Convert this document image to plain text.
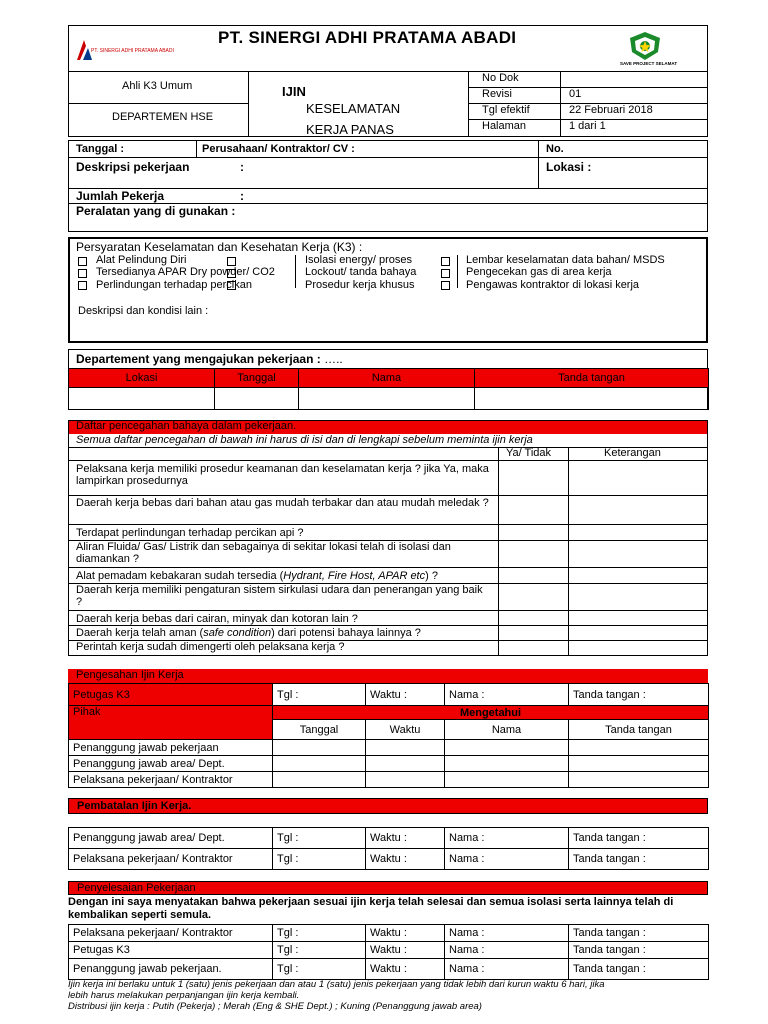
PT. SINERGI ADHI PRATAMA ABADI
PT. SINERGI ADHI PRATAMA ABADI
SAVE PROJECT SELAMAT
Ahli K3 Umum
DEPARTEMEN HSE
IJIN
KESELAMATAN
KERJA PANAS
No Dok
Revisi	01
Tgl efektif	22 Februari 2018
Halaman	1 dari 1
Tanggal :	Perusahaan/ Kontraktor/ CV :	No.
Deskripsi pekerjaan	:	Lokasi :
Jumlah Pekerja	:
Peralatan yang di gunakan :
Persyaratan Keselamatan dan Kesehatan Kerja (K3) :
Alat Pelindung Diri
Tersedianya APAR Dry powder/ CO2
Perlindungan terhadap percikan
Isolasi energy/ proses
Lockout/ tanda bahaya
Prosedur kerja khusus
Lembar keselamatan data bahan/ MSDS
Pengecekan gas di area kerja
Pengawas kontraktor di lokasi kerja
Deskripsi dan kondisi lain :
Departement yang mengajukan pekerjaan : …..
Lokasi	Tanggal	Nama	Tanda tangan

Daftar pencegahan bahaya dalam pekerjaan.
Semua daftar pencegahan di bawah ini harus di isi dan di lengkapi sebelum meminta ijin kerja
Ya/ Tidak	Keterangan
Pelaksana kerja memiliki prosedur keamanan dan keselamatan kerja ? jika Ya, maka lampirkan prosedurnya
Daerah kerja bebas dari bahan atau gas mudah terbakar dan atau mudah meledak ?
Terdapat perlindungan terhadap percikan api ?
Aliran Fluida/ Gas/ Listrik dan sebagainya di sekitar lokasi telah di isolasi dan diamankan ?
Alat pemadam kebakaran sudah tersedia (Hydrant, Fire Host, APAR etc) ?
Daerah kerja memiliki pengaturan sistem sirkulasi udara dan penerangan yang baik ?
Daerah kerja bebas dari cairan, minyak dan kotoran lain ?
Daerah kerja telah aman (safe condition) dari potensi bahaya lainnya ?
Perintah kerja sudah dimengerti oleh pelaksana kerja ?
Pengesahan Ijin Kerja
Petugas K3	Tgl :	Waktu :	Nama :	Tanda tangan :
Pihak	Mengetahui			
	Tanggal	Waktu	Nama	Tanda tangan
Penanggung jawab pekerjaan				
Penanggung jawab area/ Dept.				
Pelaksana pekerjaan/ Kontraktor				
Pembatalan Ijin Kerja.
Penanggung jawab area/ Dept.	Tgl :	Waktu :	Nama :	Tanda tangan :
Pelaksana pekerjaan/ Kontraktor	Tgl :	Waktu :	Nama :	Tanda tangan :
Penyelesaian Pekerjaan
Dengan ini saya menyatakan bahwa pekerjaan sesuai ijin kerja telah selesai dan semua isolasi serta lainnya telah di kembalikan seperti semula.
Pelaksana pekerjaan/ Kontraktor	Tgl :	Waktu :	Nama :	Tanda tangan :
Petugas K3	Tgl :	Waktu :	Nama :	Tanda tangan :
Penanggung jawab pekerjaan.	Tgl :	Waktu :	Nama :	Tanda tangan :
Ijin kerja ini berlaku untuk 1 (satu) jenis pekerjaan dan atau 1 (satu) jenis pekerjaan yang tidak lebih dari kurun waktu 6 hari, jika
lebih harus melakukan perpanjangan ijin kerja kembali.
Distribusi ijin kerja : Putih (Pekerja) ; Merah (Eng & SHE Dept.) ; Kuning (Penanggung jawab area)
